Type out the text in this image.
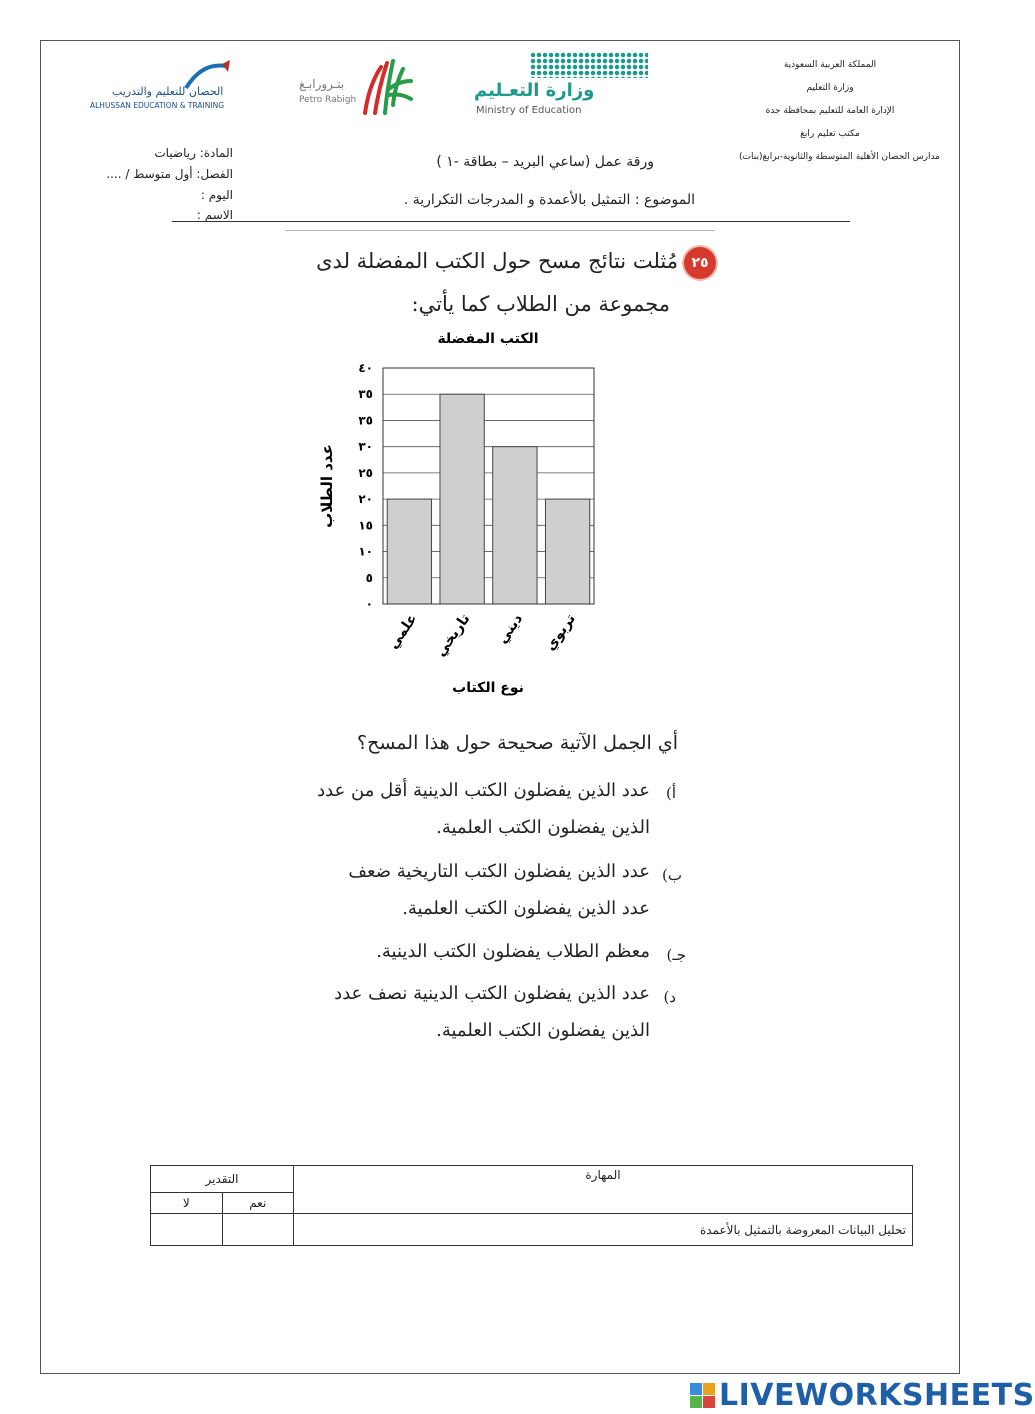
المملكة العربية السعودية
وزارة التعليم
الإدارة العامة للتعليم بمحافظة جدة
مكتب تعليم رابغ
مدارس الحصان الأهلية المتوسطة والثانوية-برابغ(بنات)
وزارة التعـليم
Ministry of Education
بتـرورابـغ
Petro Rabigh
الحصان للتعليم والتدريب
ALHUSSAN EDUCATION & TRAINING
المادة: رياضيات
الفصل: أول متوسط / ....
اليوم :
الاسم :
ورقة عمل (ساعي البريد – بطاقة -١ )
الموضوع : التمثيل بالأعمدة و المدرجات التكرارية .
٢٥
مُثلت نتائج مسح حول الكتب المفضلة لدى
مجموعة من الطلاب كما يأتي:
الكتب المفضلة
٠
٥
١٠
١٥
٢٠
٢٥
٣٠
٣٥
٣٥
٤٠
علمي تاريخي ديني تربوي
عدد الطلاب
نوع الكتاب
أي الجمل الآتية صحيحة حول هذا المسح؟
أ)
عدد الذين يفضلون الكتب الدينية أقل من عدد
الذين يفضلون الكتب العلمية.
ب)
عدد الذين يفضلون الكتب التاريخية ضعف
عدد الذين يفضلون الكتب العلمية.
جـ)
معظم الطلاب يفضلون الكتب الدينية.
د)
عدد الذين يفضلون الكتب الدينية نصف عدد
الذين يفضلون الكتب العلمية.
المهارة	التقدير	
	نعم	لا
تحليل البيانات المعروضة بالتمثيل بالأعمدة		
LIVEWORKSHEETS
